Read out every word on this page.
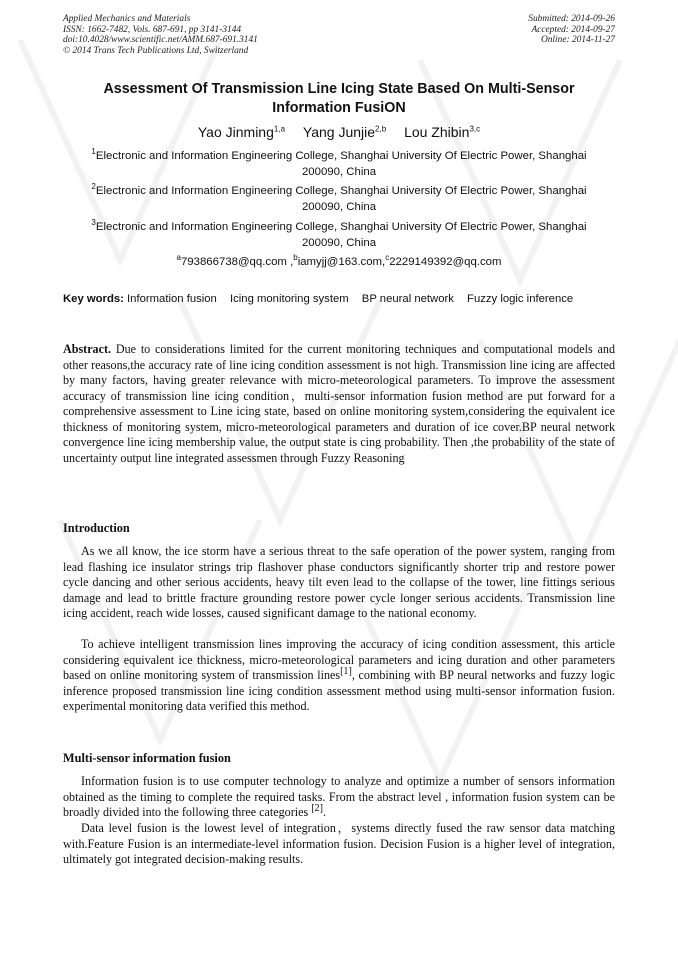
Applied Mechanics and Materials
ISSN: 1662-7482, Vols. 687-691, pp 3141-3144
doi:10.4028/www.scientific.net/AMM.687-691.3141
© 2014 Trans Tech Publications Ltd, Switzerland
Submitted: 2014-09-26
Accepted: 2014-09-27
Online: 2014-11-27
Assessment Of Transmission Line Icing State Based On Multi-Sensor
Information FusiON
Yao Jinming$^{1,a}$ Yang Junjie$^{2,b}$ Lou Zhibin$^{3,c}$
$^1$Electronic and Information Engineering College, Shanghai University Of Electric Power, Shanghai
200090, China
$^2$Electronic and Information Engineering College, Shanghai University Of Electric Power, Shanghai
200090, China
$^3$Electronic and Information Engineering College, Shanghai University Of Electric Power, Shanghai
200090, China
$^a$793866738@qq.com ,$^b$iamyjj@163.com,$^c$2229149392@qq.com
Key words: Information fusion Icing monitoring system BP neural network Fuzzy logic inference

Abstract. Due to considerations limited for the current monitoring techniques and computational models and other reasons,the accuracy rate of line icing condition assessment is not high. Transmission line icing are affected by many factors, having greater relevance with micro-meteorological parameters. To improve the assessment accuracy of transmission line icing condition，multi-sensor information fusion method are put forward for a comprehensive assessment to Line icing state, based on online monitoring system,considering the equivalent ice thickness of monitoring system, micro-meteorological parameters and duration of ice cover.BP neural network convergence line icing membership value, the output state is cing probability. Then ,the probability of the state of uncertainty output line integrated assessmen through Fuzzy Reasoning

Introduction

As we all know, the ice storm have a serious threat to the safe operation of the power system, ranging from lead flashing ice insulator strings trip flashover phase conductors significantly shorter trip and restore power cycle dancing and other serious accidents, heavy tilt even lead to the collapse of the tower, line fittings serious damage and lead to brittle fracture grounding restore power cycle longer serious accidents. Transmission line icing accident, reach wide losses, caused significant damage to the national economy.

To achieve intelligent transmission lines improving the accuracy of icing condition assessment, this article considering equivalent ice thickness, micro-meteorological parameters and icing duration and other parameters based on online monitoring system of transmission lines[1], combining with BP neural networks and fuzzy logic inference proposed transmission line icing condition assessment method using multi-sensor information fusion. experimental monitoring data verified this method.

Multi-sensor information fusion

Information fusion is to use computer technology to analyze and optimize a number of sensors information obtained as the timing to complete the required tasks. From the abstract level , information fusion system can be broadly divided into the following three categories [2].

Data level fusion is the lowest level of integration，systems directly fused the raw sensor data matching with.Feature Fusion is an intermediate-level information fusion. Decision Fusion is a higher level of integration, ultimately got integrated decision-making results.
